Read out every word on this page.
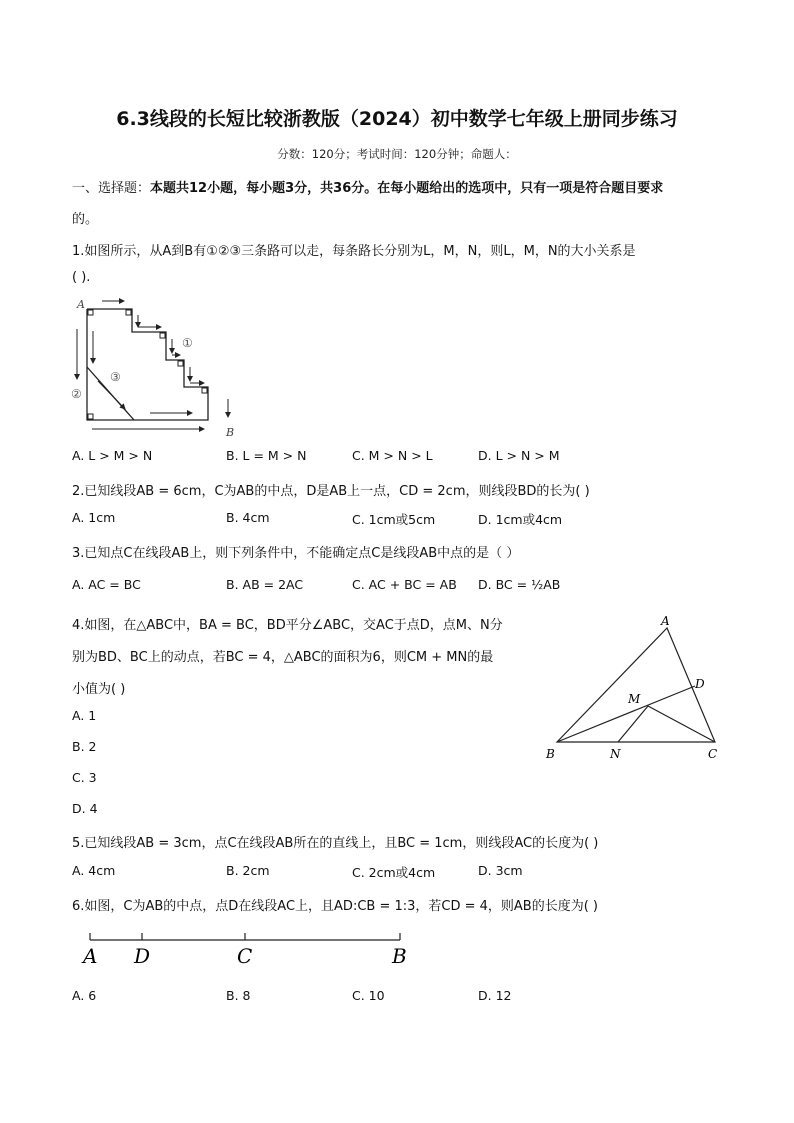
6.3线段的长短比较浙教版（2024）初中数学七年级上册同步练习
分数：120分；考试时间：120分钟；命题人：
一、选择题：本题共12小题，每小题3分，共36分。在每小题给出的选项中，只有一项是符合题目要求
的。
1.如图所示，从A到B有①②③三条路可以走，每条路长分别为L，M，N，则L，M，N的大小关系是
( ).
A
B
①
②
③
A. L > M > N	B. L = M > N	C. M > N > L	D. L > N > M
2.已知线段AB = 6cm，C为AB的中点，D是AB上一点，CD = 2cm，则线段BD的长为( )
A. 1cm	B. 4cm	C. 1cm或5cm	D. 1cm或4cm
3.已知点C在线段AB上，则下列条件中，不能确定点C是线段AB中点的是（ ）
A. AC = BC	B. AB = 2AC	C. AC + BC = AB D. BC = ½AB
4.如图，在△ABC中，BA = BC，BD平分∠ABC，交AC于点D，点M、N分
别为BD、BC上的动点，若BC = 4，△ABC的面积为6，则CM + MN的最
小值为( )
A. 1
B. 2
C. 3
D. 4
A
B	C
D
M
N
5.已知线段AB = 3cm，点C在线段AB所在的直线上，且BC = 1cm，则线段AC的长度为( )
A. 4cm	B. 2cm	C. 2cm或4cm	D. 3cm
6.如图，C为AB的中点，点D在线段AC上，且AD:CB = 1:3，若CD = 4，则AB的长度为( )
A D	C	B
A. 6	B. 8	C. 10	D. 12
